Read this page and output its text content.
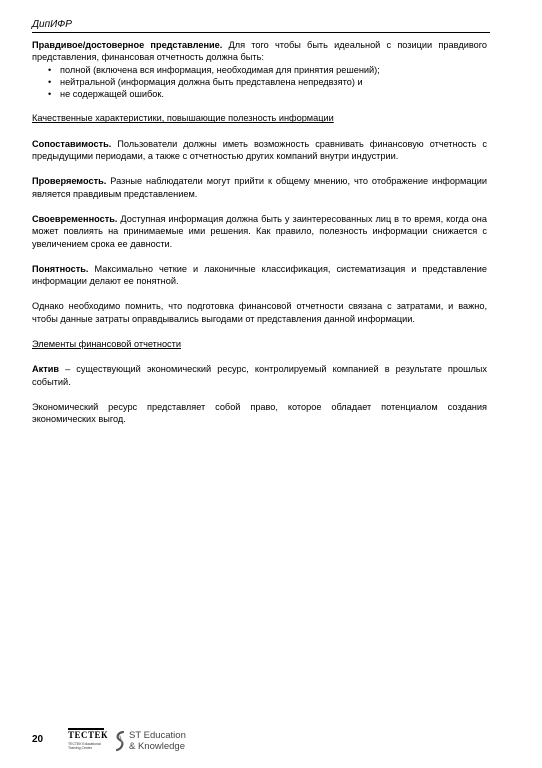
ДипИФР

Правдивое/достоверное представление. Для того чтобы быть идеальной с позиции правдивого представления, финансовая отчетность должна быть:

• полной (включена вся информация, необходимая для принятия решений);
• нейтральной (информация должна быть представлена непредвзято) и
• не содержащей ошибок.
Качественные характеристики, повышающие полезность информации

Сопоставимость. Пользователи должны иметь возможность сравнивать финансовую отчетность с предыдущими периодами, а также с отчетностью других компаний внутри индустрии.

Проверяемость. Разные наблюдатели могут прийти к общему мнению, что отображение информации является правдивым представлением.

Своевременность. Доступная информация должна быть у заинтересованных лиц в то время, когда она может повлиять на принимаемые ими решения. Как правило, полезность информации снижается с увеличением срока ее давности.

Понятность. Максимально четкие и лаконичные классификация, систематизация и представление информации делают ее понятной.

Однако необходимо помнить, что подготовка финансовой отчетности связана с затратами, и важно, чтобы данные затраты оправдывались выгодами от представления данной информации.

Элементы финансовой отчетности

Актив – существующий экономический ресурс, контролируемый компанией в результате прошлых событий.

Экономический ресурс представляет собой право, которое обладает потенциалом создания экономических выгод.

20	ТЕСТЕК
ТЕСТЕК Educational Training Center
ST Education
& Knowledge
